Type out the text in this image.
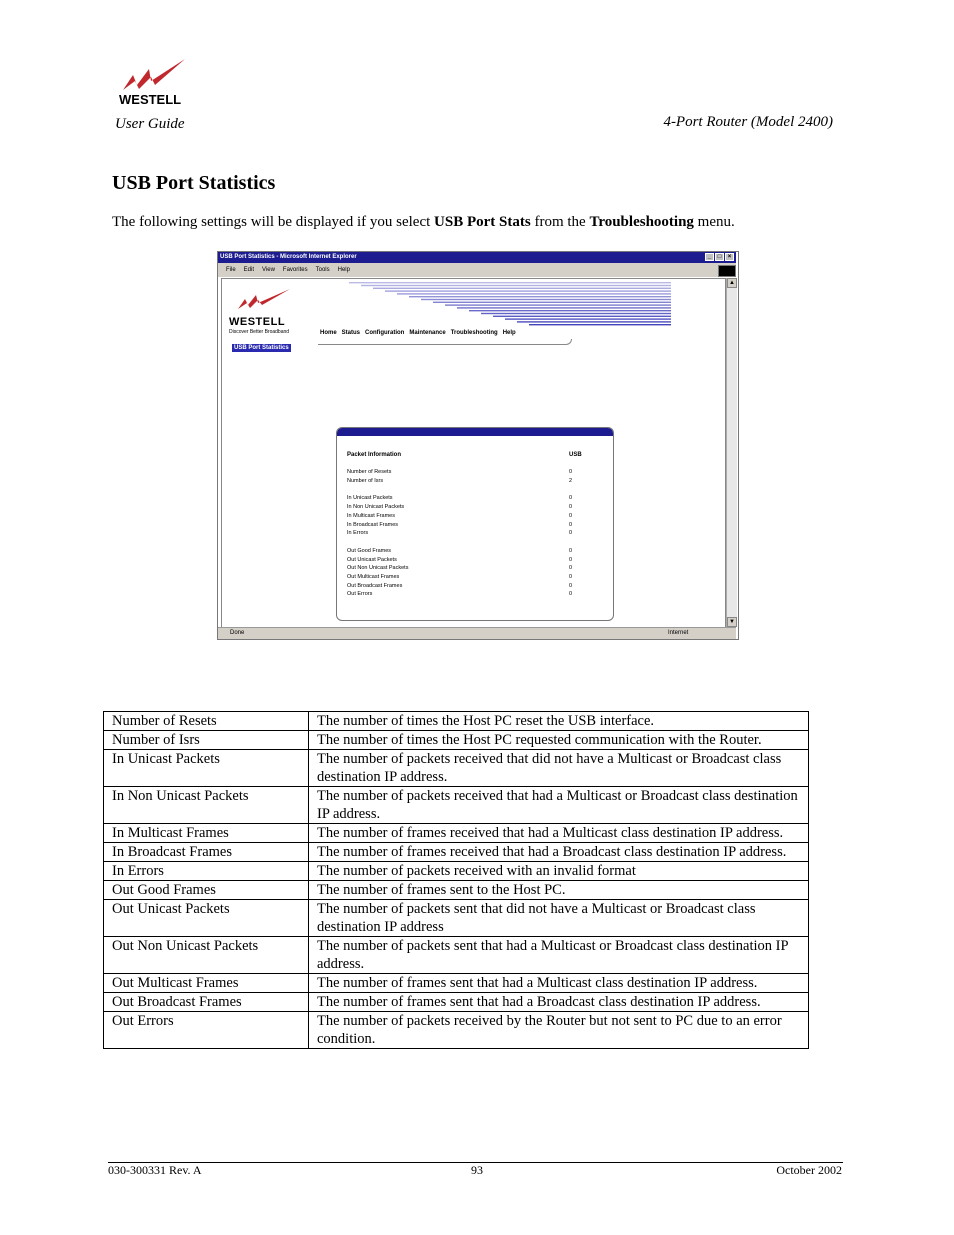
WESTELL
User Guide	4-Port Router (Model 2400)
USB Port Statistics
The following settings will be displayed if you select USB Port Stats from the Troubleshooting menu.
USB Port Statistics - Microsoft Internet Explorer	_	□	×
File Edit View Favorites Tools Help
WESTELL
Discover Better Broadband	Home Status Configuration Maintenance Troubleshooting Help
USB Port Statistics
Packet Information	USB
Number of Resets	0
Number of Isrs	2
In Unicast Packets	0
In Non Unicast Packets	0
In Multicast Frames	0
In Broadcast Frames	0
In Errors	0
Out Good Frames	0
Out Unicast Packets	0
Out Non Unicast Packets	0
Out Multicast Frames	0
Out Broadcast Frames	0
Out Errors	0
▲
▼
Done	Internet
Number of Resets	The number of times the Host PC reset the USB interface.
Number of Isrs	The number of times the Host PC requested communication with the Router.
In Unicast Packets	The number of packets received that did not have a Multicast or Broadcast class destination IP address.
In Non Unicast Packets	The number of packets received that had a Multicast or Broadcast class destination IP address.
In Multicast Frames	The number of frames received that had a Multicast class destination IP address.
In Broadcast Frames	The number of frames received that had a Broadcast class destination IP address.
In Errors	The number of packets received with an invalid format
Out Good Frames	The number of frames sent to the Host PC.
Out Unicast Packets	The number of packets sent that did not have a Multicast or Broadcast class destination IP address
Out Non Unicast Packets	The number of packets sent that had a Multicast or Broadcast class destination IP address.
Out Multicast Frames	The number of frames sent that had a Multicast class destination IP address.
Out Broadcast Frames	The number of frames sent that had a Broadcast class destination IP address.
Out Errors	The number of packets received by the Router but not sent to PC due to an error condition.
030-300331 Rev. A	93	October 2002
